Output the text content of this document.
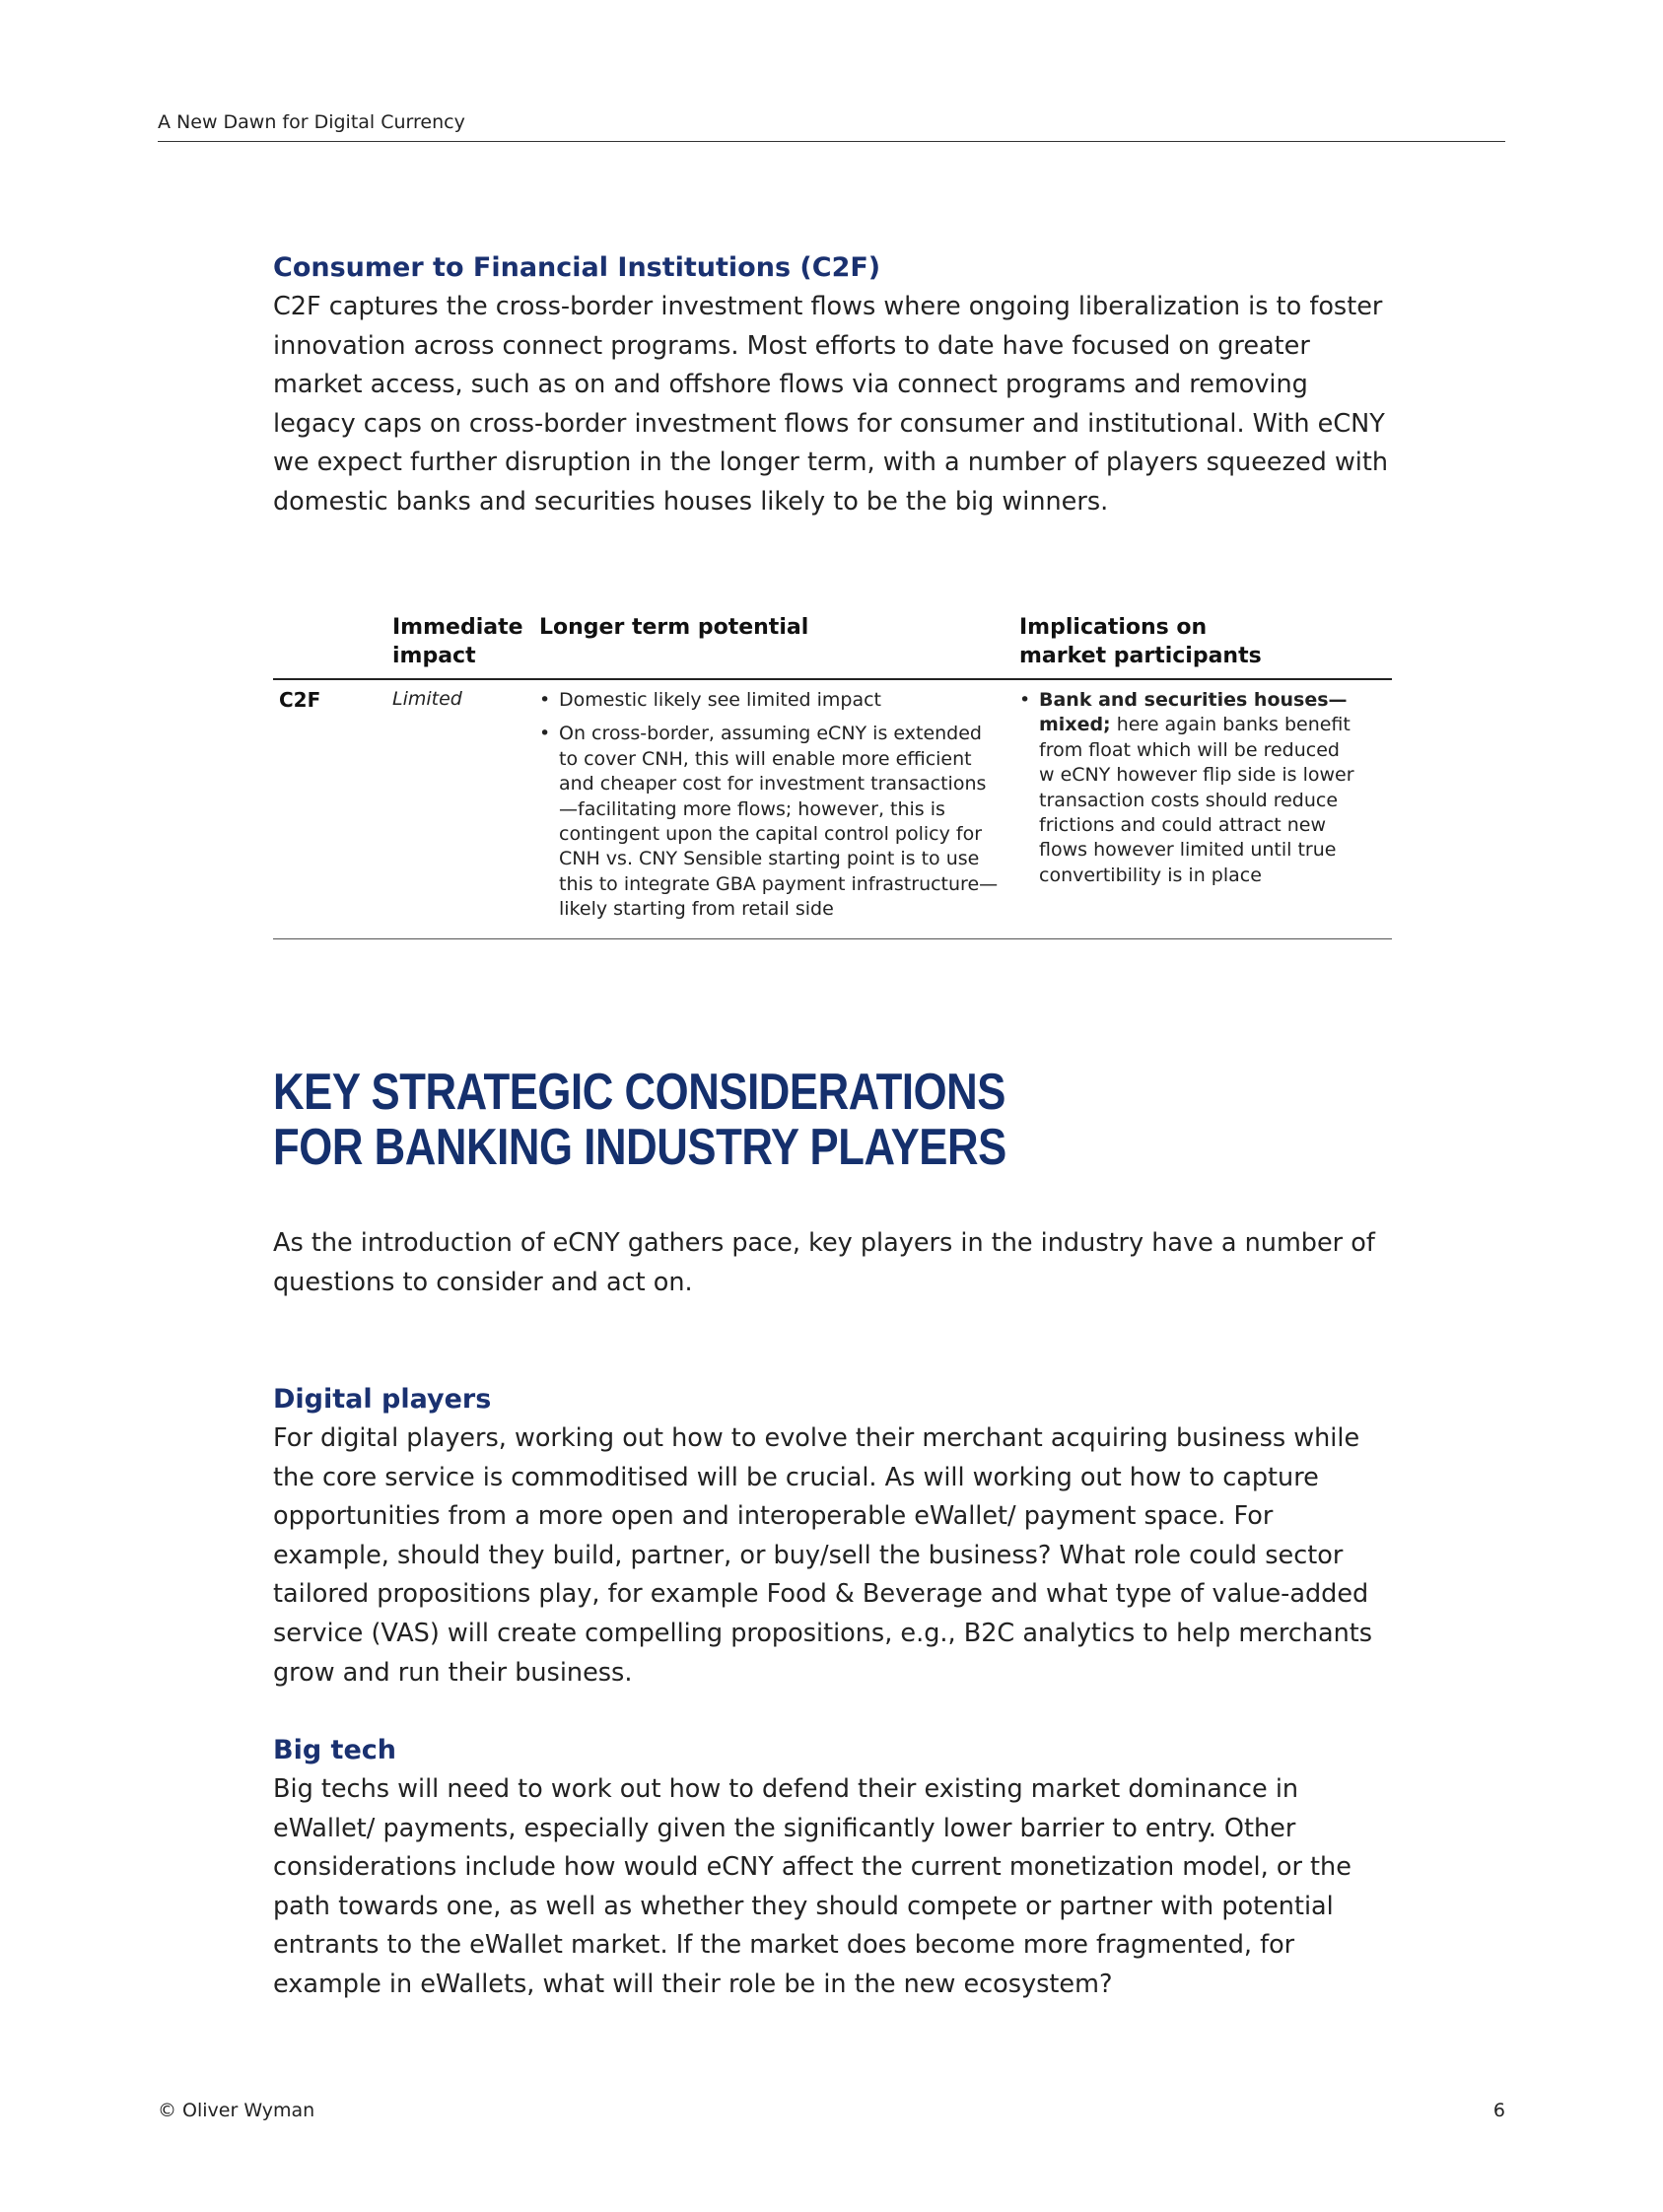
A New Dawn for Digital Currency
Consumer to Financial Institutions (C2F)

C2F captures the cross-border investment flows where ongoing liberalization is to foster innovation across connect programs. Most efforts to date have focused on greater market access, such as on and offshore flows via connect programs and removing legacy caps on cross-border investment flows for consumer and institutional. With eCNY we expect further disruption in the longer term, with a number of players squeezed with domestic banks and securities houses likely to be the big winners.

Immediate impact
Longer term potential	Implications on market participants
C2F	Limited
•	Domestic likely see limited impact
• On cross-border, assuming eCNY is extended to cover CNH, this will enable more efficient and cheaper cost for investment transactions—facilitating more flows; however, this is contingent upon the capital control policy for CNH vs. CNY Sensible starting point is to use this to integrate GBA payment infrastructure—likely starting from retail side
• Bank and securities houses—mixed; here again banks benefit from float which will be reduced w eCNY however flip side is lower transaction costs should reduce frictions and could attract new flows however limited until true convertibility is in place
KEY STRATEGIC CONSIDERATIONS FOR BANKING INDUSTRY PLAYERS

As the introduction of eCNY gathers pace, key players in the industry have a number of questions to consider and act on.

Digital players

For digital players, working out how to evolve their merchant acquiring business while the core service is commoditised will be crucial. As will working out how to capture opportunities from a more open and interoperable eWallet/ payment space. For example, should they build, partner, or buy/sell the business? What role could sector tailored propositions play, for example Food & Beverage and what type of value-added service (VAS) will create compelling propositions, e.g., B2C analytics to help merchants grow and run their business.

Big tech

Big techs will need to work out how to defend their existing market dominance in eWallet/ payments, especially given the significantly lower barrier to entry. Other considerations include how would eCNY affect the current monetization model, or the path towards one, as well as whether they should compete or partner with potential entrants to the eWallet market. If the market does become more fragmented, for example in eWallets, what will their role be in the new ecosystem?

© Oliver Wyman	6
